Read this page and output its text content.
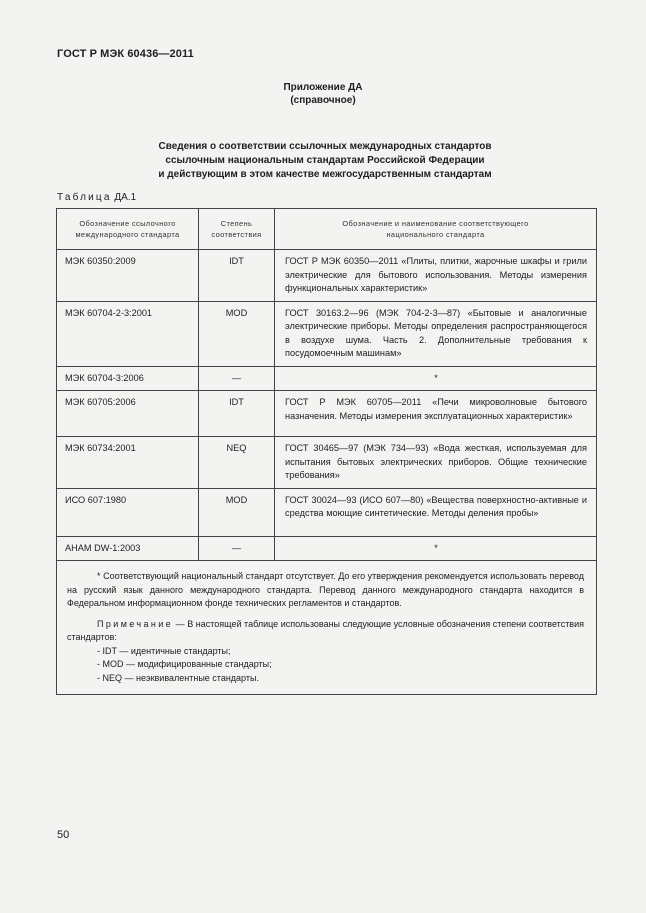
ГОСТ Р МЭК 60436—2011
Приложение ДА
(справочное)
Сведения о соответствии ссылочных международных стандартов
ссылочным национальным стандартам Российской Федерации
и действующим в этом качестве межгосударственным стандартам
Таблица ДА.1
Обозначение ссылочного международного стандарта	Степень соответствия	Обозначение и наименование соответствующего национального стандарта
МЭК 60350:2009	IDT	ГОСТ Р МЭК 60350—2011 «Плиты, плитки, жарочные шкафы и грили электрические для бытового использования. Методы измерения функциональных характеристик»
МЭК 60704-2-3:2001	MOD	ГОСТ 30163.2—96 (МЭК 704-2-3—87) «Бытовые и аналогичные электрические приборы. Методы определения распространяющегося в воздухе шума. Часть 2. Дополнительные требования к посудомоечным машинам»
МЭК 60704-3:2006	—	*
МЭК 60705:2006	IDT	ГОСТ Р МЭК 60705—2011 «Печи микроволновые бытового назначения. Методы измерения эксплуатационных характеристик»
МЭК 60734:2001	NEQ	ГОСТ 30465—97 (МЭК 734—93) «Вода жесткая, используемая для испытания бытовых электрических приборов. Общие технические требования»
ИСО 607:1980	MOD	ГОСТ 30024—93 (ИСО 607—80) «Вещества поверхностно-активные и средства моющие синтетические. Методы деления пробы»
АНАМ DW-1:2003	—	*

* Соответствующий национальный стандарт отсутствует. До его утверждения рекомендуется использовать перевод на русский язык данного международного стандарта. Перевод данного международного стандарта находится в Федеральном информационном фонде технических регламентов и стандартов.

Примечание — В настоящей таблице использованы следующие условные обозначения степени соответствия стандартов:

- IDT — идентичные стандарты;

- MOD — модифицированные стандарты;

- NEQ — неэквивалентные стандарты.		

50
